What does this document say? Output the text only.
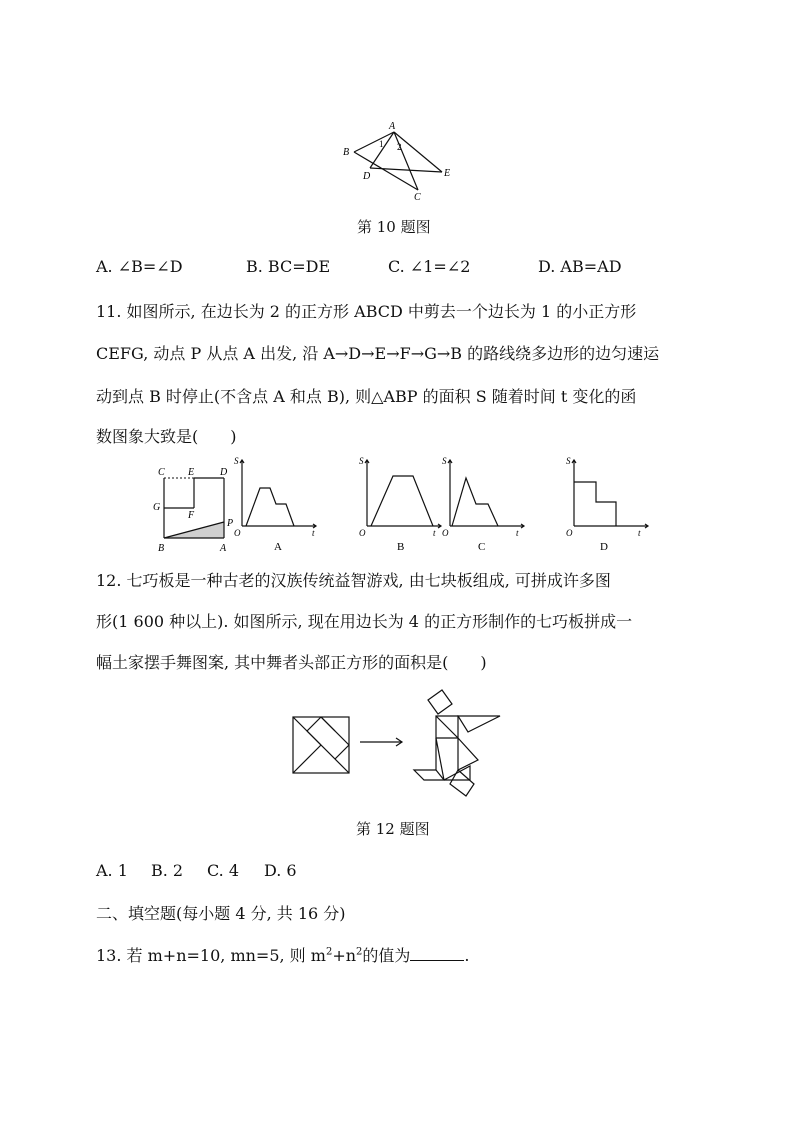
A
B
C
D	E
1 2
第 10 题图
A. ∠B=∠D	B. BC=DE	C. ∠1=∠2	D. AB=AD
11. 如图所示, 在边长为 2 的正方形 ABCD 中剪去一个边长为 1 的小正方形
CEFG, 动点 P 从点 A 出发, 沿 A→D→E→F→G→B 的路线绕多边形的边匀速运
动到点 B 时停止(不含点 A 和点 B), 则△ABP 的面积 S 随着时间 t 变化的函
数图象大致是(　　)
C E	D
G
F
P
B	A
S
O	t
A
S
O	t
B
S
O	t
C
S
O	t
D
12. 七巧板是一种古老的汉族传统益智游戏, 由七块板组成, 可拼成许多图
形(1 600 种以上). 如图所示, 现在用边长为 4 的正方形制作的七巧板拼成一
幅土家摆手舞图案, 其中舞者头部正方形的面积是(　　)
第 12 题图
A. 1 B. 2 C. 4 D. 6
二、填空题(每小题 4 分, 共 16 分)
13. 若 m+n=10, mn=5, 则 $m^2+n^2$的值为	.
